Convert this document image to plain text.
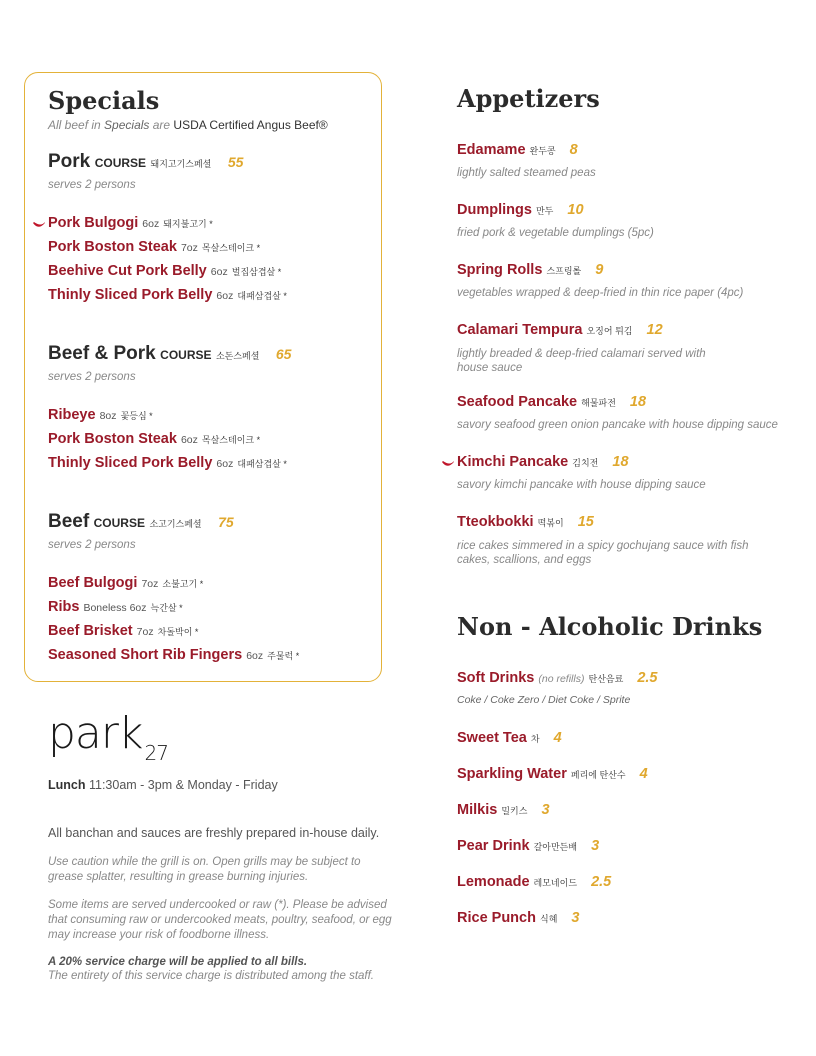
Specials
All beef in Specials are USDA Certified Angus Beef®
Pork COURSE 돼지고기스페셜 55
serves 2 persons
Pork Bulgogi 6oz 돼지불고기 *
Pork Boston Steak 7oz 목살스테이크 *
Beehive Cut Pork Belly 6oz 벌집삼겹살 *
Thinly Sliced Pork Belly 6oz 대패삼겹살 *
Beef & Pork COURSE 소돈스페셜 65
serves 2 persons
Ribeye 8oz 꽃등심 *
Pork Boston Steak 6oz 목살스테이크 *
Thinly Sliced Pork Belly 6oz 대패삼겹살 *
Beef COURSE 소고기스페셜 75
serves 2 persons
Beef Bulgogi 7oz 소불고기 *
Ribs Boneless 6oz 늑간살 *
Beef Brisket 7oz 차돌박이 *
Seasoned Short Rib Fingers 6oz 주물럭 *
park $_{27}$
Lunch 11:30am - 3pm & Monday - Friday
All banchan and sauces are freshly prepared in-house daily.
Use caution while the grill is on. Open grills may be subject to grease splatter, resulting in grease burning injuries.
Some items are served undercooked or raw (*). Please be advised that consuming raw or undercooked meats, poultry, seafood, or egg may increase your risk of foodborne illness.
A 20% service charge will be applied to all bills.
The entirety of this service charge is distributed among the staff.
Appetizers
Edamame 완두콩 8
lightly salted steamed peas
Dumplings 만두 10
fried pork & vegetable dumplings (5pc)
Spring Rolls 스프링롤 9
vegetables wrapped & deep-fried in thin rice paper (4pc)
Calamari Tempura 오징어 튀김 12
lightly breaded & deep-fried calamari served with house sauce
Seafood Pancake 해물파전 18
savory seafood green onion pancake with house dipping sauce
Kimchi Pancake 김치전 18
savory kimchi pancake with house dipping sauce
Tteokbokki 떡볶이 15
rice cakes simmered in a spicy gochujang sauce with fish cakes, scallions, and eggs
Non - Alcoholic Drinks
Soft Drinks (no refills) 탄산음료 2.5
Coke / Coke Zero / Diet Coke / Sprite
Sweet Tea 차 4
Sparkling Water 페리에 탄산수 4
Milkis 밀키스 3
Pear Drink 갈아만든배 3
Lemonade 레모네이드 2.5
Rice Punch 식혜 3
